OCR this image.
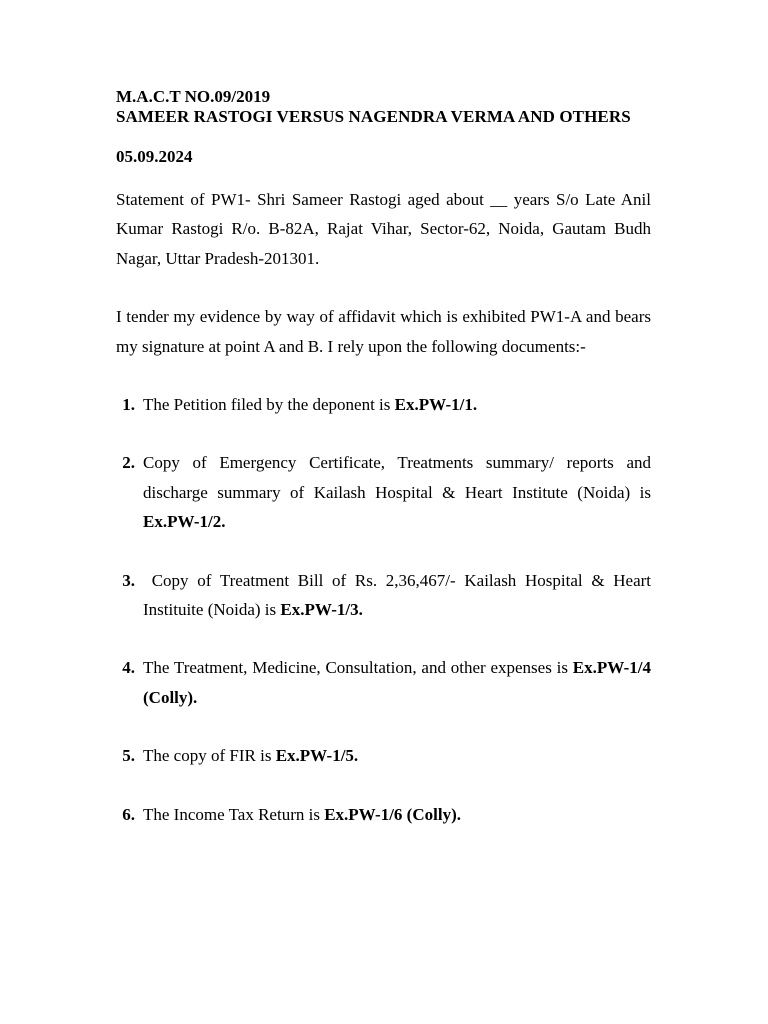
M.A.C.T NO.09/2019

SAMEER RASTOGI VERSUS NAGENDRA VERMA AND OTHERS

05.09.2024

Statement of PW1- Shri Sameer Rastogi aged about __ years S/o Late Anil Kumar Rastogi R/o. B-82A, Rajat Vihar, Sector-62, Noida, Gautam Budh Nagar, Uttar Pradesh-201301.

I tender my evidence by way of affidavit which is exhibited PW1-A and bears my signature at point A and B. I rely upon the following documents:-

1. The Petition filed by the deponent is Ex.PW-1/1.
2. Copy of Emergency Certificate, Treatments summary/ reports and discharge summary of Kailash Hospital & Heart Institute (Noida) is Ex.PW-1/2.
3. Copy of Treatment Bill of Rs. 2,36,467/- Kailash Hospital & Heart Instituite (Noida) is Ex.PW-1/3.
4. The Treatment, Medicine, Consultation, and other expenses is Ex.PW-1/4 (Colly).
5. The copy of FIR is Ex.PW-1/5.
6. The Income Tax Return is Ex.PW-1/6 (Colly).
